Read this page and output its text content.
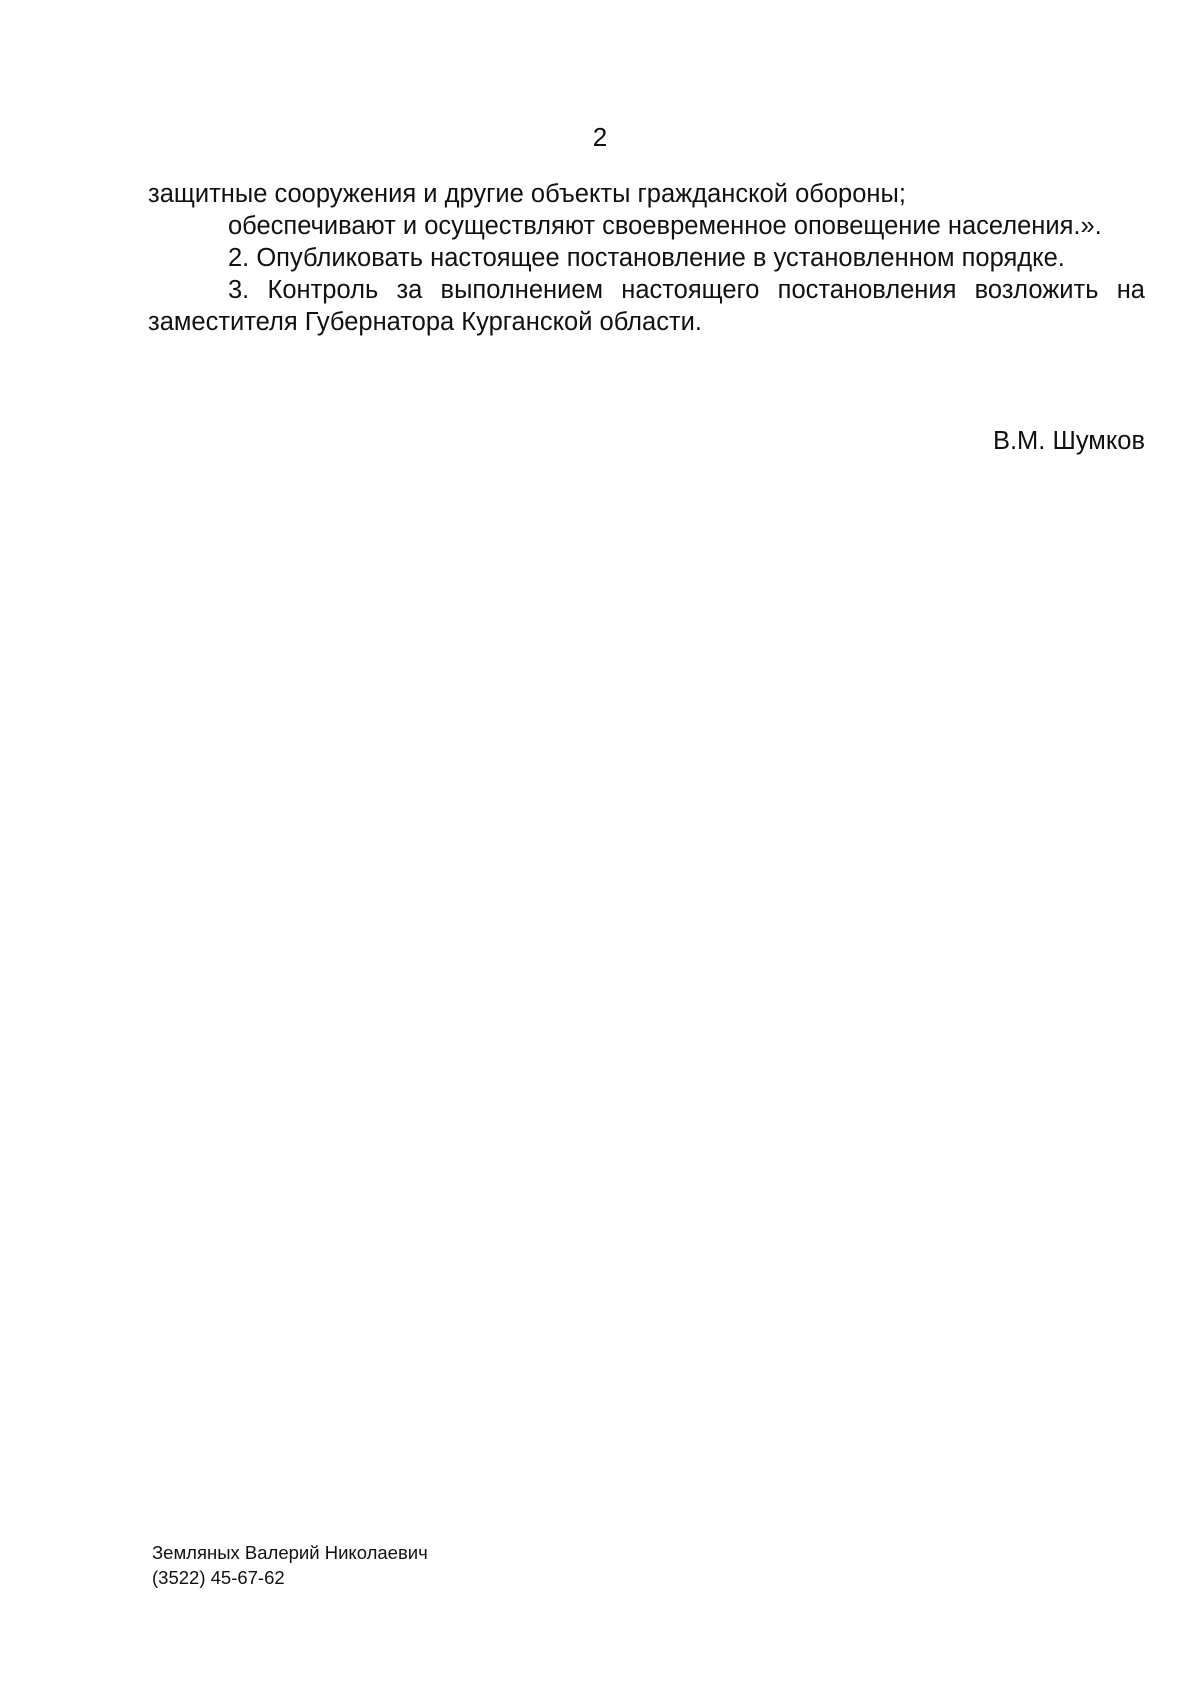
2

защитные сооружения и другие объекты гражданской обороны;

обеспечивают и осуществляют своевременное оповещение населения.».

2. Опубликовать настоящее постановление в установленном порядке.

3. Контроль за выполнением настоящего постановления возложить на заместителя Губернатора Курганской области.

В.М. Шумков
Земляных Валерий Николаевич
(3522) 45-67-62
